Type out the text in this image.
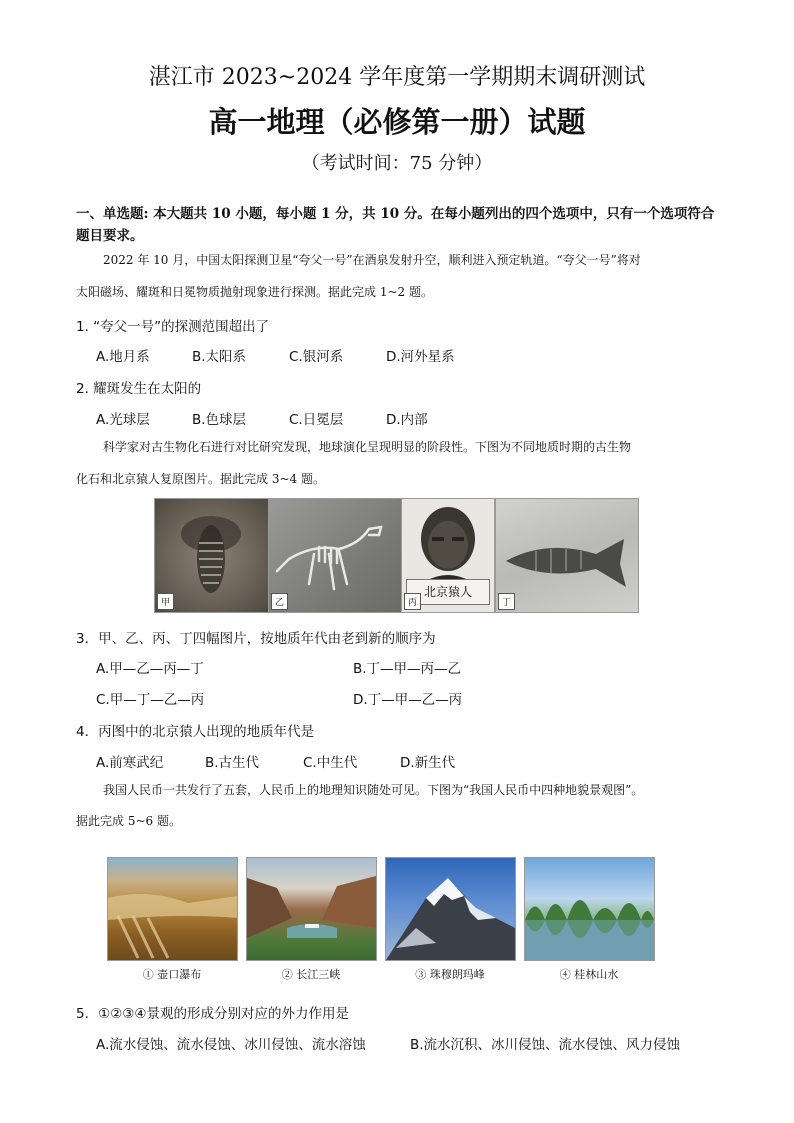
湛江市 2023~2024 学年度第一学期期末调研测试
高一地理（必修第一册）试题
（考试时间：75 分钟）
一、单选题: 本大题共 10 小题，每小题 1 分，共 10 分。在每小题列出的四个选项中，只有一个选项符合题目要求。
2022 年 10 月，中国太阳探测卫星“夸父一号”在酒泉发射升空，顺利进入预定轨道。“夸父一号”将对
太阳磁场、耀斑和日冕物质抛射现象进行探测。据此完成 1~2 题。
1. “夸父一号”的探测范围超出了
A.地月系	B.太阳系	C.银河系	D.河外星系
2. 耀斑发生在太阳的
A.光球层	B.色球层	C.日冕层	D.内部
科学家对古生物化石进行对比研究发现，地球演化呈现明显的阶段性。下图为不同地质时期的古生物
化石和北京猿人复原图片。据此完成 3~4 题。
甲	乙
北京猿人
丙	丁
3．甲、乙、丙、丁四幅图片，按地质年代由老到新的顺序为
A.甲—乙—丙—丁	B.丁—甲—丙—乙
C.甲—丁—乙—丙	D.丁—甲—乙—丙
4．丙图中的北京猿人出现的地质年代是
A.前寒武纪	B.古生代	C.中生代	D.新生代
我国人民币一共发行了五套，人民币上的地理知识随处可见。下图为“我国人民币中四种地貌景观图”。
据此完成 5~6 题。
① 壶口瀑布	② 长江三峡	③ 珠穆朗玛峰	④ 桂林山水
5．①②③④景观的形成分别对应的外力作用是
A.流水侵蚀、流水侵蚀、冰川侵蚀、流水溶蚀	B.流水沉积、冰川侵蚀、流水侵蚀、风力侵蚀
